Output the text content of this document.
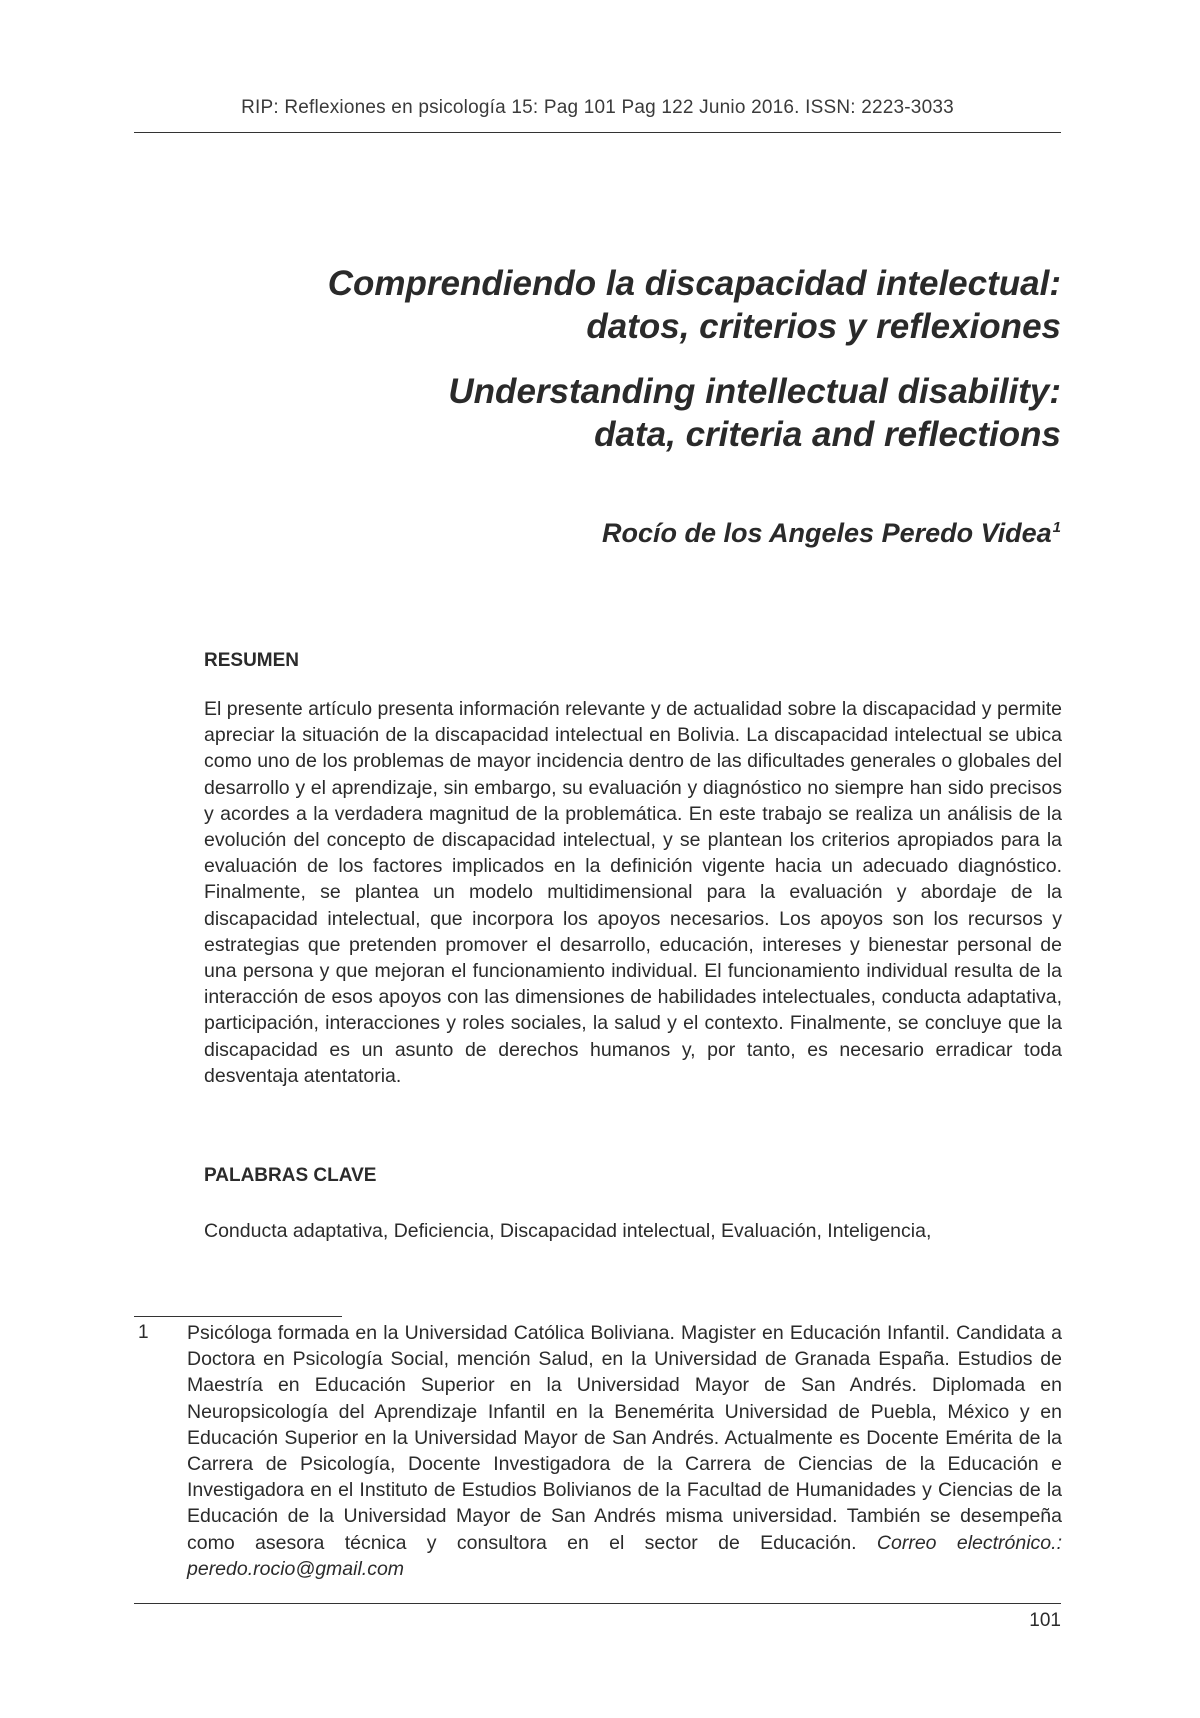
RIP: Reflexiones en psicología 15: Pag 101 Pag 122 Junio 2016. ISSN: 2223-3033
Comprendiendo la discapacidad intelectual:
datos, criterios y reflexiones
Understanding intellectual disability:
data, criteria and reflections
Rocío de los Angeles Peredo Videa$^1$
RESUMEN

El presente artículo presenta información relevante y de actualidad sobre la discapacidad y permite apreciar la situación de la discapacidad intelectual en Bolivia. La discapacidad intelectual se ubica como uno de los problemas de mayor incidencia dentro de las dificultades generales o globales del desarrollo y el aprendizaje, sin embargo, su evaluación y diagnóstico no siempre han sido precisos y acordes a la verdadera magnitud de la problemática. En este trabajo se realiza un análisis de la evolución del concepto de discapacidad intelectual, y se plantean los criterios apropiados para la evaluación de los factores implicados en la definición vigente hacia un adecuado diagnóstico. Finalmente, se plantea un modelo multidimensional para la evaluación y abordaje de la discapacidad intelectual, que incorpora los apoyos necesarios. Los apoyos son los recursos y estrategias que pretenden promover el desarrollo, educación, intereses y bienestar personal de una persona y que mejoran el funcionamiento individual. El funcionamiento individual resulta de la interacción de esos apoyos con las dimensiones de habilidades intelectuales, conducta adaptativa, participación, interacciones y roles sociales, la salud y el contexto. Finalmente, se concluye que la discapacidad es un asunto de derechos humanos y, por tanto, es necesario erradicar toda desventaja atentatoria.

PALABRAS CLAVE

Conducta adaptativa, Deficiencia, Discapacidad intelectual, Evaluación, Inteligencia,

1 Psicóloga formada en la Universidad Católica Boliviana. Magister en Educación Infantil. Candidata a Doctora en Psicología Social, mención Salud, en la Universidad de Granada España. Estudios de Maestría en Educación Superior en la Universidad Mayor de San Andrés. Diplomada en Neuropsicología del Aprendizaje Infantil en la Benemérita Universidad de Puebla, México y en Educación Superior en la Universidad Mayor de San Andrés. Actualmente es Docente Emérita de la Carrera de Psicología, Docente Investigadora de la Carrera de Ciencias de la Educación e Investigadora en el Instituto de Estudios Bolivianos de la Facultad de Humanidades y Ciencias de la Educación de la Universidad Mayor de San Andrés misma universidad. También se desempeña como asesora técnica y consultora en el sector de Educación. Correo electrónico.: peredo.rocio@gmail.com

101
